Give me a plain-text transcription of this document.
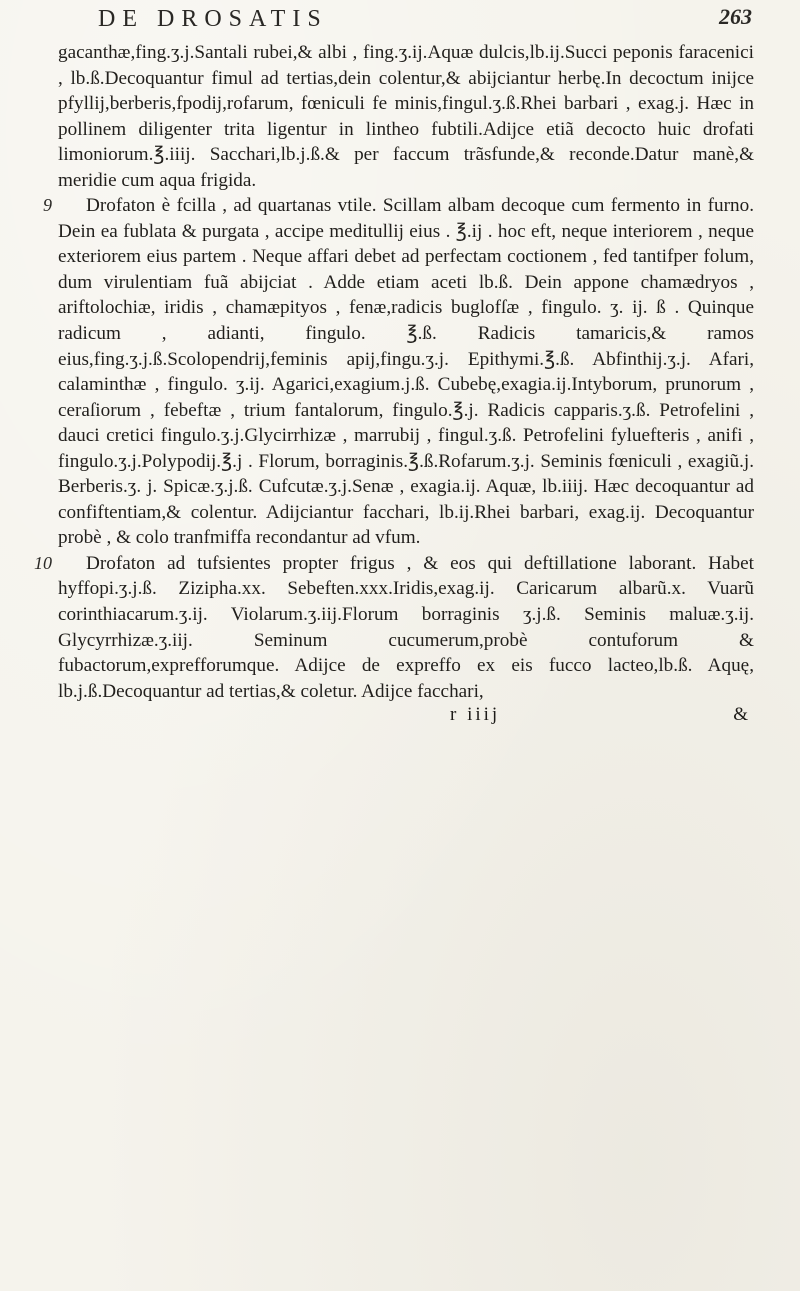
DE DROSATIS	263

gacanthæ,fing.ʒ.j.Santali rubei,& albi , fing.ʒ.ij.Aquæ dulcis,lb.ij.Succi peponis faracenici , lb.ß.Decoquantur fimul ad tertias,dein colentur,& abijciantur herbę.In decoctum inijce pfyllij,berberis,fpodij,rofarum, fœniculi fe minis,fingul.ʒ.ß.Rhei barbari , exag.j. Hæc in pollinem diligenter trita ligentur in lintheo fubtili.Adijce etiã decocto huic drofati limoniorum.℥.iiij. Sacchari,lb.j.ß.& per faccum trãsfunde,& reconde.Datur manè,& meridie cum aqua frigida.

9 Drofaton è fcilla , ad quartanas vtile. Scillam albam decoque cum fermento in furno. Dein ea fublata & purgata , accipe meditullij eius . ℥.ij . hoc eft, neque interiorem , neque exteriorem eius partem . Neque affari debet ad perfectam coctionem , fed tantifper folum, dum virulentiam fuã abijciat . Adde etiam aceti lb.ß. Dein appone chamædryos , ariftolochiæ, iridis , chamæpityos , fenæ,radicis buglofſæ , fingulo. ʒ. ij. ß . Quinque radicum , adianti, fingulo. ℥.ß. Radicis tamaricis,& ramos eius,fing.ʒ.j.ß.Scolopendrij,feminis apij,fingu.ʒ.j. Epithymi.℥.ß. Abfinthij.ʒ.j. Afari, calaminthæ , fingulo. ʒ.ij. Agarici,exagium.j.ß. Cubebę,exagia.ij.Intyborum, prunorum , ceraſiorum , febeftæ , trium fantalorum, fingulo.℥.j. Radicis capparis.ʒ.ß. Petrofelini , dauci cretici fingulo.ʒ.j.Glycirrhizæ , marrubij , fingul.ʒ.ß. Petrofelini fyluefteris , anifi , fingulo.ʒ.j.Polypodij.℥.j . Florum, borraginis.℥.ß.Rofarum.ʒ.j. Seminis fœniculi , exagiũ.j. Berberis.ʒ. j. Spicæ.ʒ.j.ß. Cufcutæ.ʒ.j.Senæ , exagia.ij. Aquæ, lb.iiij. Hæc decoquantur ad confiftentiam,& colentur. Adijciantur facchari, lb.ij.Rhei barbari, exag.ij. Decoquantur probè , & colo tranfmiffa recondantur ad vfum.

10 Drofaton ad tufsientes propter frigus , & eos qui deftillatione laborant. Habet hyffopi.ʒ.j.ß. Zizipha.xx. Sebeften.xxx.Iridis,exag.ij. Caricarum albarũ.x. Vuarũ corinthiacarum.ʒ.ij. Violarum.ʒ.iij.Florum borraginis ʒ.j.ß. Seminis maluæ.ʒ.ij. Glycyrrhizæ.ʒ.iij. Seminum cucumerum,probè contuforum & fubactorum,exprefforumque. Adijce de expreffo ex eis fucco lacteo,lb.ß. Aquę, lb.j.ß.Decoquantur ad tertias,& coletur. Adijce facchari,

r iiij	&
